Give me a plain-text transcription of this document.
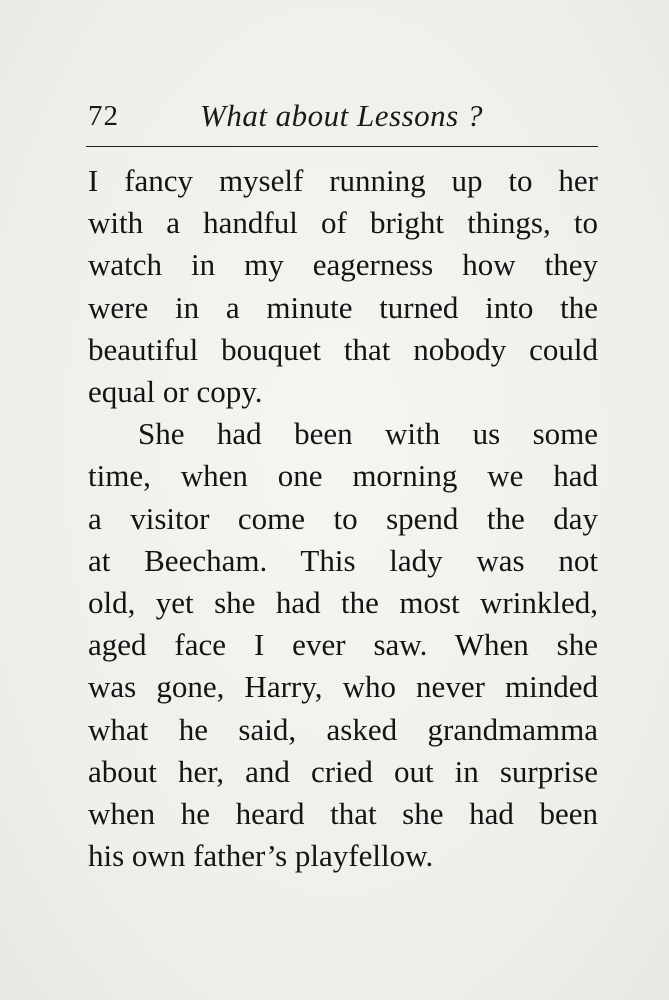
72	What about Lessons ?
I fancy myself running up to her
with a handful of bright things, to
watch in my eagerness how they
were in a minute turned into the
beautiful bouquet that nobody could
equal or copy.
She had been with us some
time, when one morning we had
a visitor come to spend the day
at Beecham. This lady was not
old, yet she had the most wrinkled,
aged face I ever saw. When she
was gone, Harry, who never minded
what he said, asked grandmamma
about her, and cried out in surprise
when he heard that she had been
his own father’s playfellow.
